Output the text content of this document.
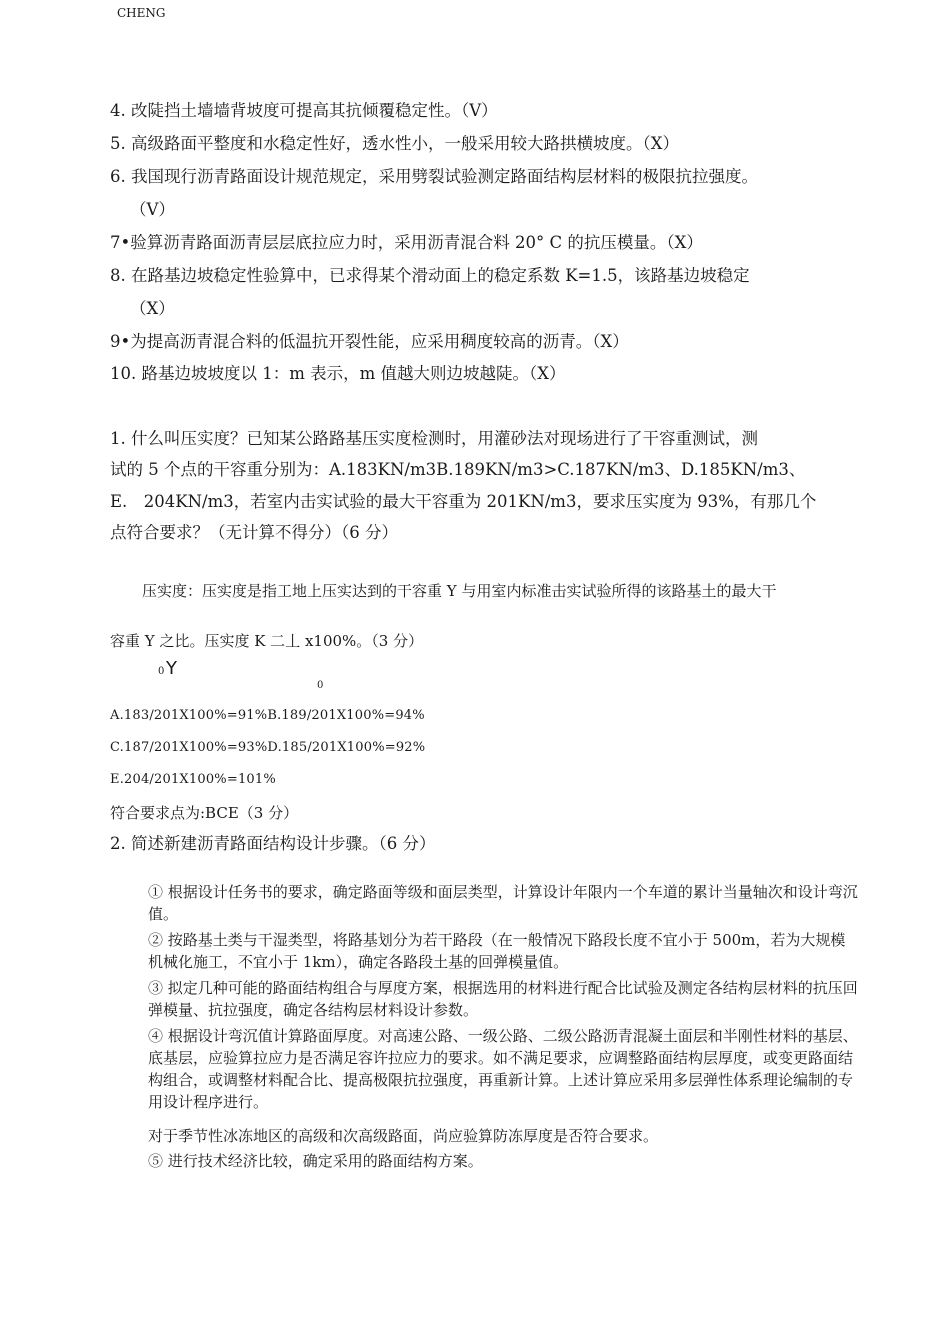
CHENG
4. 改陡挡土墙墙背坡度可提高其抗倾覆稳定性。（V）
5. 高级路面平整度和水稳定性好，透水性小，一般采用较大路拱横坡度。（X）
6. 我国现行沥青路面设计规范规定，采用劈裂试验测定路面结构层材料的极限抗拉强度。
（V）
7•验算沥青路面沥青层层底拉应力时，采用沥青混合料 20° C 的抗压模量。（X）
8. 在路基边坡稳定性验算中，已求得某个滑动面上的稳定系数 K=1.5，该路基边坡稳定
（X）
9•为提高沥青混合料的低温抗开裂性能，应采用稠度较高的沥青。（X）
10. 路基边坡坡度以 1：m 表示，m 值越大则边坡越陡。（X）
1. 什么叫压实度？已知某公路路基压实度检测时，用灌砂法对现场进行了干容重测试，测
试的 5 个点的干容重分别为：A.183KN/m3B.189KN/m3>C.187KN/m3、D.185KN/m3、
E.　204KN/m3，若室内击实试验的最大干容重为 201KN/m3，要求压实度为 93%，有那几个
点符合要求？（无计算不得分）（6 分）
压实度：压实度是指工地上压实达到的干容重 Y 与用室内标准击实试验所得的该路基土的最大干
容重 Y 之比。压实度 K 二丄 x100%。（3 分）
0 Y
0
A.183/201X100%=91%B.189/201X100%=94%
C.187/201X100%=93%D.185/201X100%=92%
E.204/201X100%=101%
符合要求点为:BCE（3 分）
2. 简述新建沥青路面结构设计步骤。（6 分）
① 根据设计任务书的要求，确定路面等级和面层类型，计算设计年限内一个车道的累计当量轴次和设计弯沉值。
② 按路基土类与干湿类型，将路基划分为若干路段（在一般情况下路段长度不宜小于 500m，若为大规模机械化施工，不宜小于 1km），确定各路段土基的回弹模量值。
③ 拟定几种可能的路面结构组合与厚度方案，根据选用的材料进行配合比试验及测定各结构层材料的抗压回弹模量、抗拉强度，确定各结构层材料设计参数。
④ 根据设计弯沉值计算路面厚度。对高速公路、一级公路、二级公路沥青混凝土面层和半刚性材料的基层、底基层，应验算拉应力是否满足容许拉应力的要求。如不满足要求，应调整路面结构层厚度，或变更路面结构组合，或调整材料配合比、提高极限抗拉强度，再重新计算。上述计算应采用多层弹性体系理论编制的专用设计程序进行。
对于季节性冰冻地区的高级和次高级路面，尚应验算防冻厚度是否符合要求。
⑤ 进行技术经济比较，确定采用的路面结构方案。
